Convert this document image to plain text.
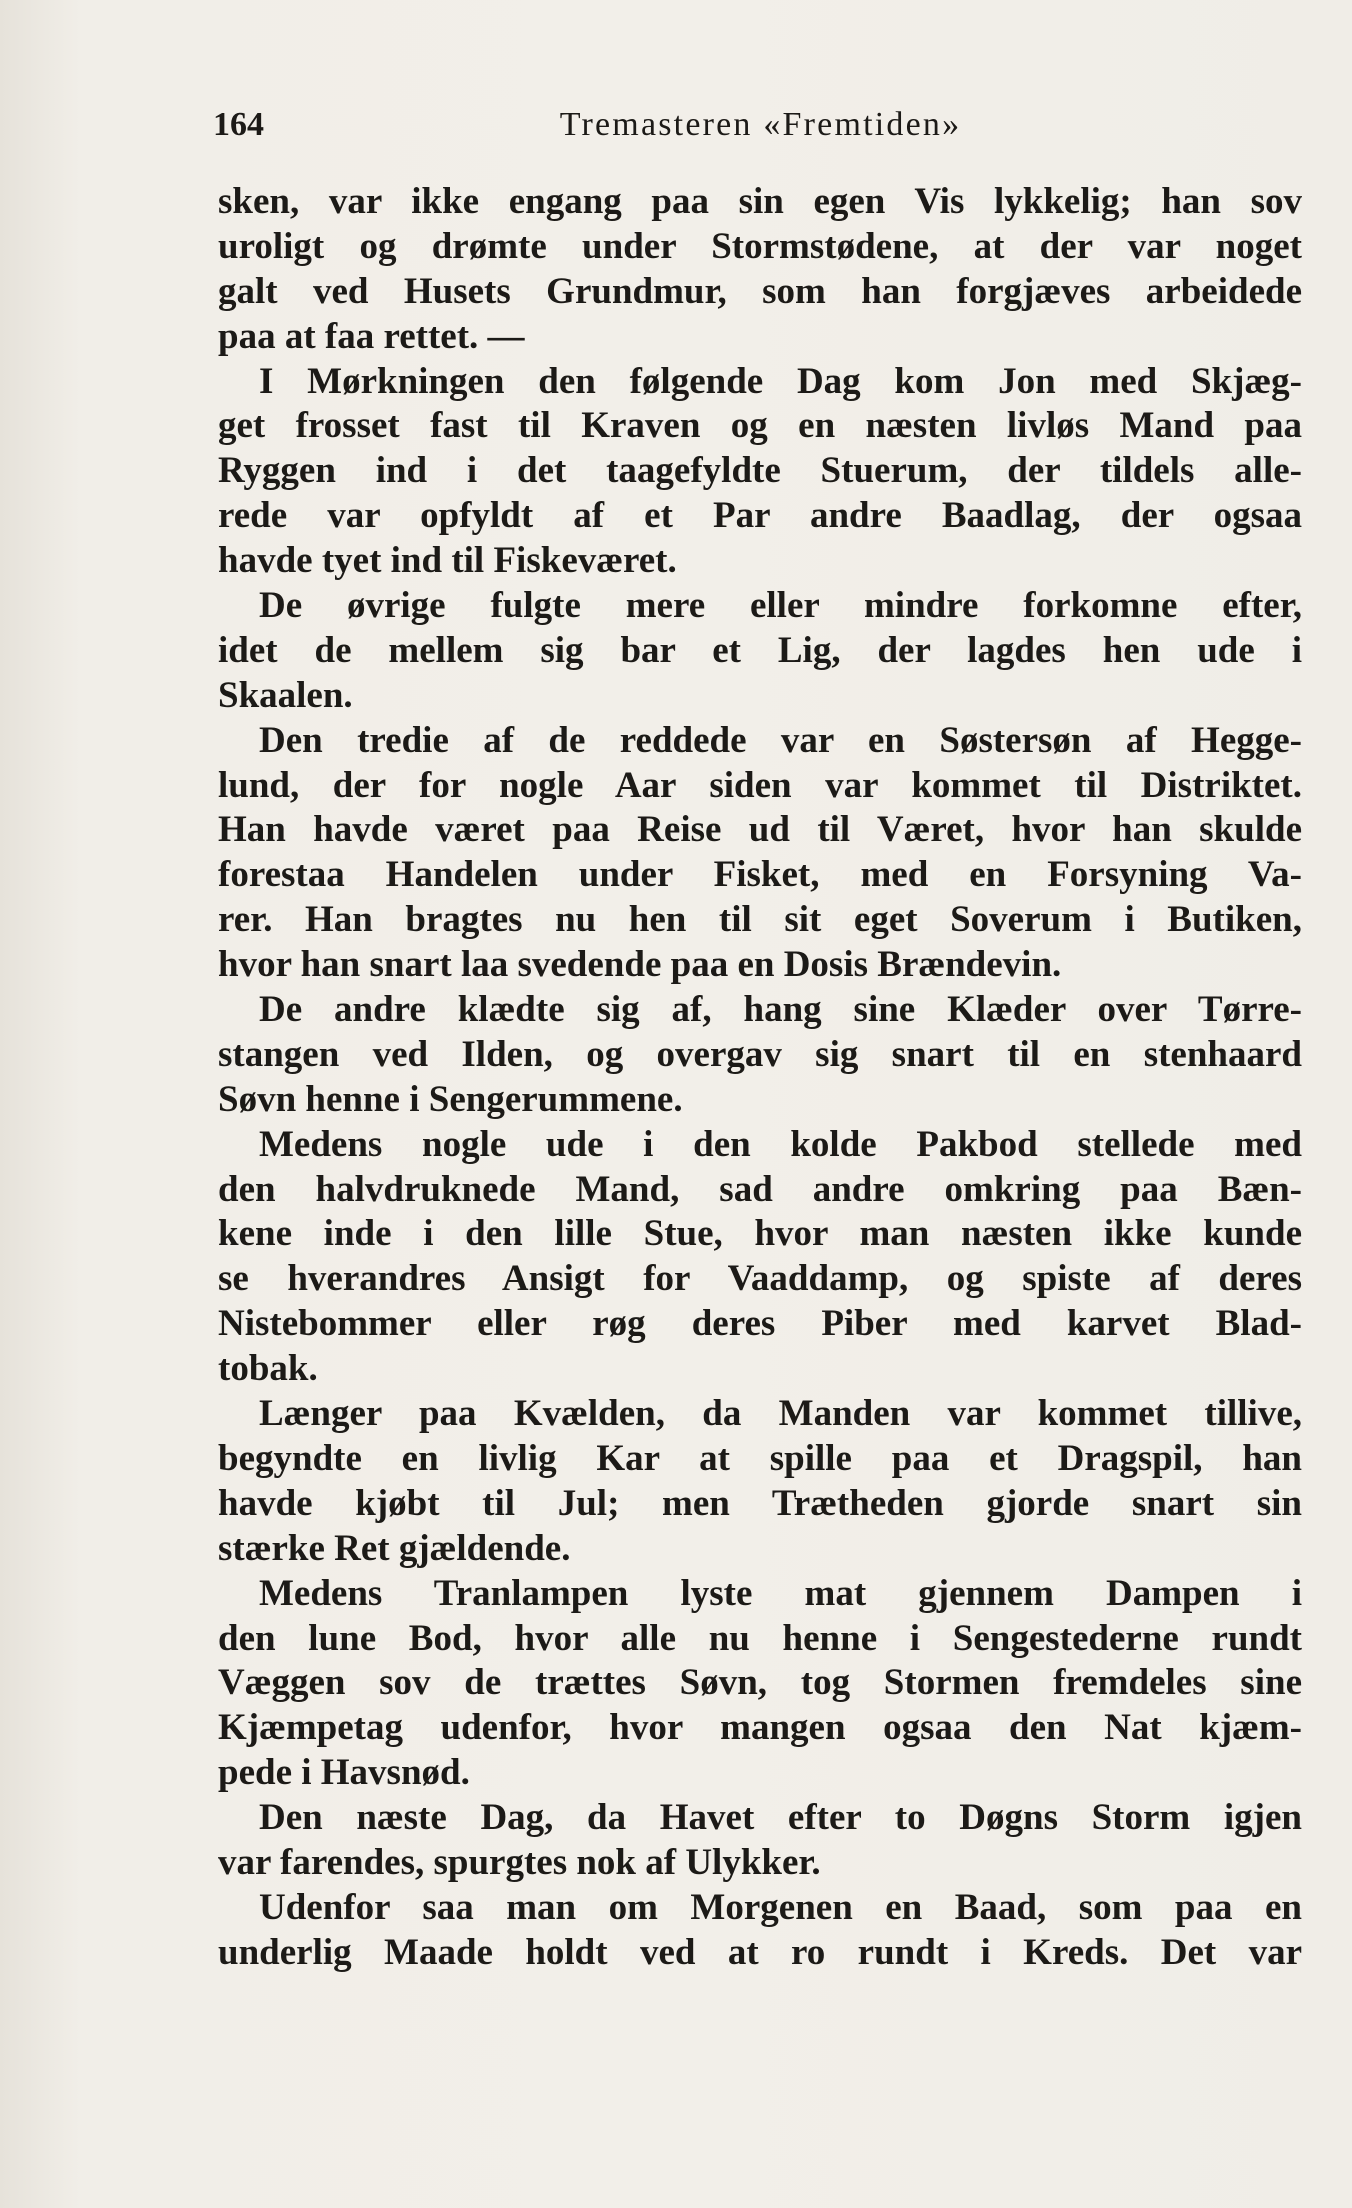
164	Tremasteren «Fremtiden»
sken, var ikke engang paa sin egen Vis lykkelig; han sov
uroligt og drømte under Stormstødene, at der var noget
galt ved Husets Grundmur, som han forgjæves arbeidede
paa at faa rettet. —
I Mørkningen den følgende Dag kom Jon med Skjæg-
get frosset fast til Kraven og en næsten livløs Mand paa
Ryggen ind i det taagefyldte Stuerum, der tildels alle-
rede var opfyldt af et Par andre Baadlag, der ogsaa
havde tyet ind til Fiskeværet.
De øvrige fulgte mere eller mindre forkomne efter,
idet de mellem sig bar et Lig, der lagdes hen ude i
Skaalen.
Den tredie af de reddede var en Søstersøn af Hegge-
lund, der for nogle Aar siden var kommet til Distriktet.
Han havde været paa Reise ud til Været, hvor han skulde
forestaa Handelen under Fisket, med en Forsyning Va-
rer. Han bragtes nu hen til sit eget Soverum i Butiken,
hvor han snart laa svedende paa en Dosis Brændevin.
De andre klædte sig af, hang sine Klæder over Tørre-
stangen ved Ilden, og overgav sig snart til en stenhaard
Søvn henne i Sengerummene.
Medens nogle ude i den kolde Pakbod stellede med
den halvdruknede Mand, sad andre omkring paa Bæn-
kene inde i den lille Stue, hvor man næsten ikke kunde
se hverandres Ansigt for Vaaddamp, og spiste af deres
Nistebommer eller røg deres Piber med karvet Blad-
tobak.
Længer paa Kvælden, da Manden var kommet tillive,
begyndte en livlig Kar at spille paa et Dragspil, han
havde kjøbt til Jul; men Trætheden gjorde snart sin
stærke Ret gjældende.
Medens Tranlampen lyste mat gjennem Dampen i
den lune Bod, hvor alle nu henne i Sengestederne rundt
Væggen sov de trættes Søvn, tog Stormen fremdeles sine
Kjæmpetag udenfor, hvor mangen ogsaa den Nat kjæm-
pede i Havsnød.
Den næste Dag, da Havet efter to Døgns Storm igjen
var farendes, spurgtes nok af Ulykker.
Udenfor saa man om Morgenen en Baad, som paa en
underlig Maade holdt ved at ro rundt i Kreds. Det var
